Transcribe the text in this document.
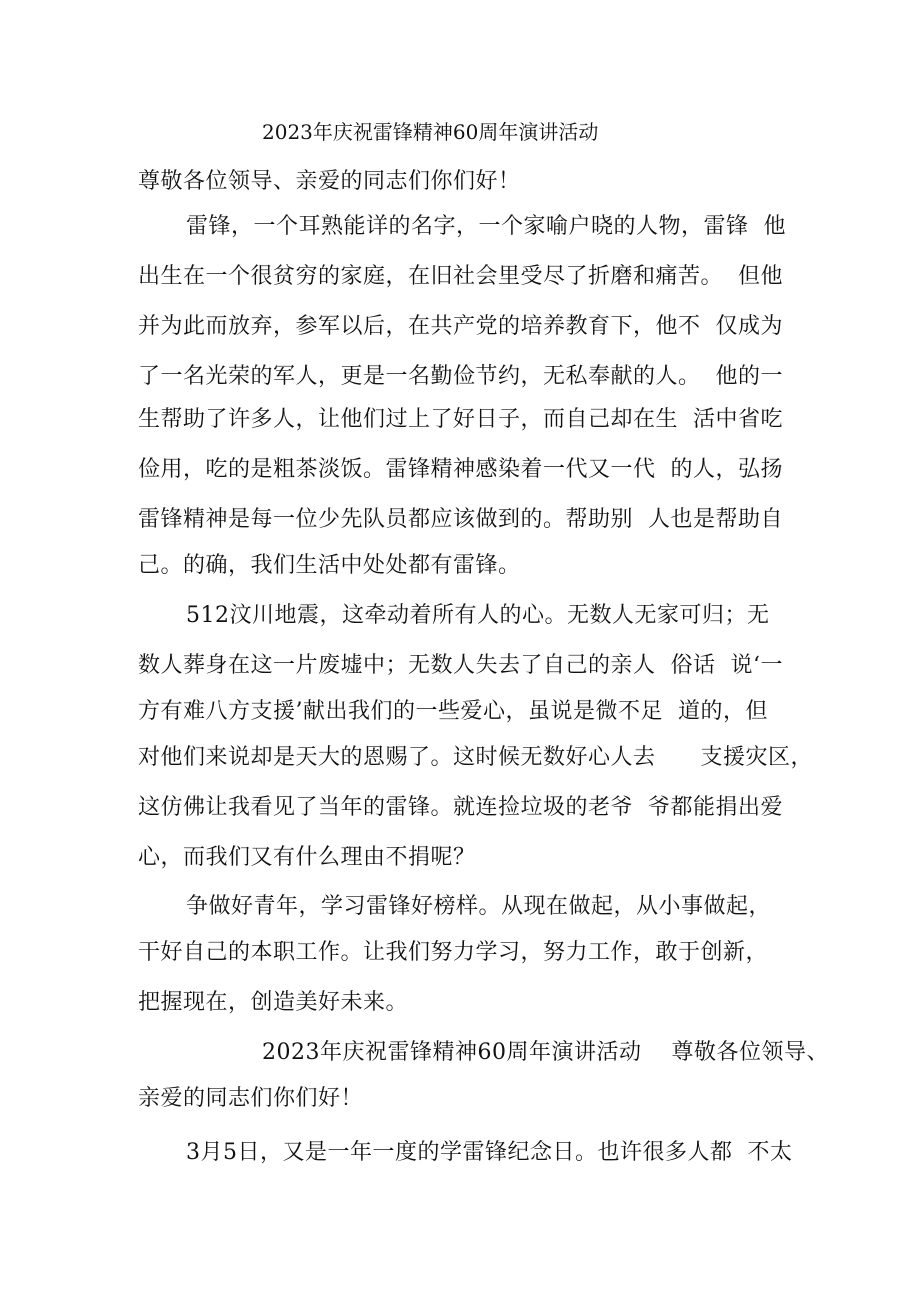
2023年庆祝雷锋精神60周年演讲活动
尊敬各位领导、亲爱的同志们你们好！
雷锋，一个耳熟能详的名字，一个家喻户晓的人物，雷锋  他
出生在一个很贫穷的家庭，在旧社会里受尽了折磨和痛苦。  但他
并为此而放弃，参军以后，在共产党的培养教育下，他不  仅成为
了一名光荣的军人，更是一名勤俭节约，无私奉献的人。  他的一
生帮助了许多人，让他们过上了好日子，而自己却在生  活中省吃
俭用，吃的是粗茶淡饭。雷锋精神感染着一代又一代  的人，弘扬
雷锋精神是每一位少先队员都应该做到的。帮助别  人也是帮助自
己。的确，我们生活中处处都有雷锋。
512汶川地震，这牵动着所有人的心。无数人无家可归；无
数人葬身在这一片废墟中；无数人失去了自己的亲人  俗话  说‘一
方有难八方支援’献出我们的一些爱心，虽说是微不足  道的，但
对他们来说却是天大的恩赐了。这时候无数好心人去      支援灾区，
这仿佛让我看见了当年的雷锋。就连捡垃圾的老爷  爷都能捐出爱
心，而我们又有什么理由不捐呢？
争做好青年，学习雷锋好榜样。从现在做起，从小事做起，
干好自己的本职工作。让我们努力学习，努力工作，敢于创新，
把握现在，创造美好未来。
2023年庆祝雷锋精神60周年演讲活动    尊敬各位领导、
亲爱的同志们你们好！
3月5日，又是一年一度的学雷锋纪念日。也许很多人都  不太
